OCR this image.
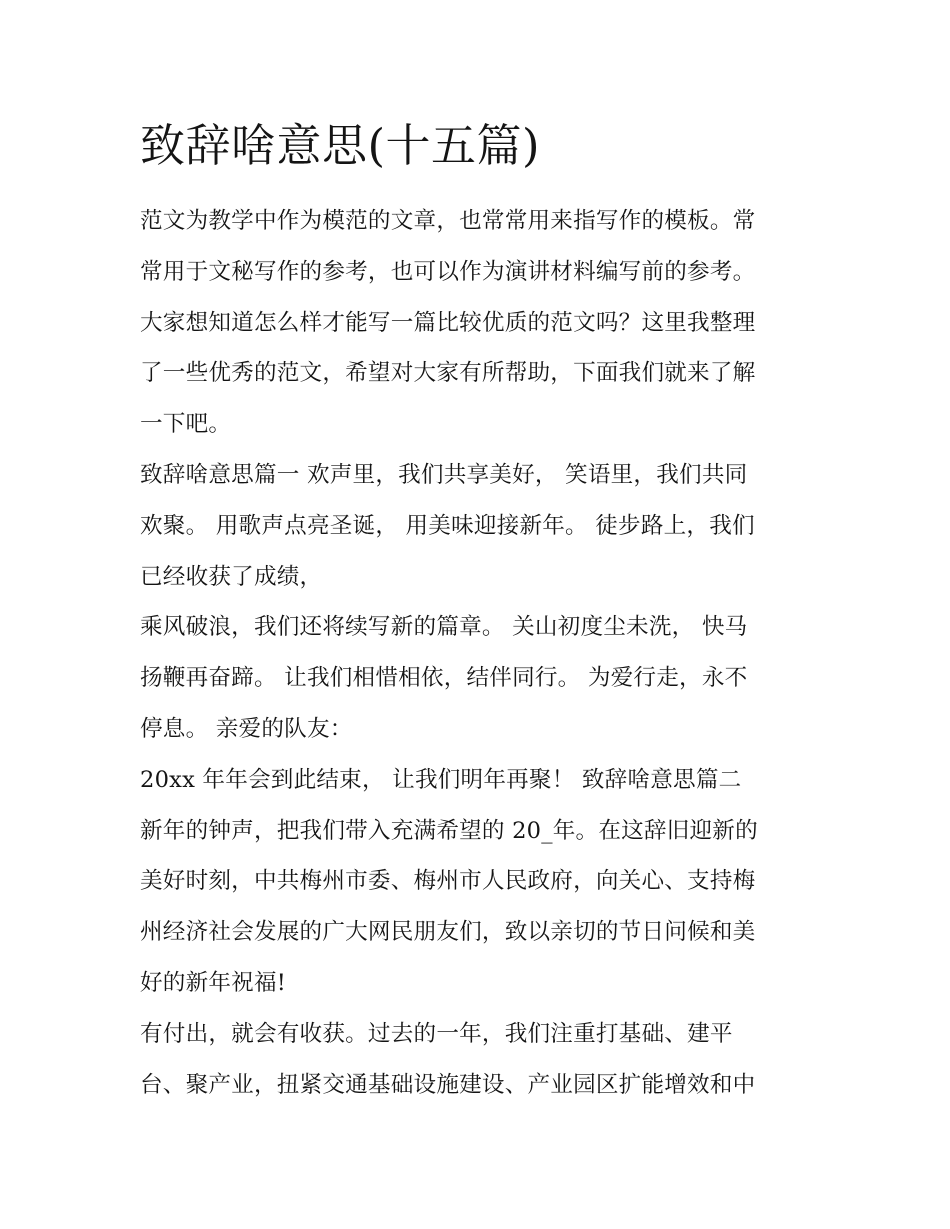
致辞啥意思(十五篇)
范文为教学中作为模范的文章，也常常用来指写作的模板。常
常用于文秘写作的参考，也可以作为演讲材料编写前的参考。
大家想知道怎么样才能写一篇比较优质的范文吗？这里我整理
了一些优秀的范文，希望对大家有所帮助，下面我们就来了解
一下吧。
致辞啥意思篇一 欢声里，我们共享美好， 笑语里，我们共同
欢聚。 用歌声点亮圣诞， 用美味迎接新年。 徒步路上，我们
已经收获了成绩，
乘风破浪，我们还将续写新的篇章。 关山初度尘未洗， 快马
扬鞭再奋蹄。 让我们相惜相依，结伴同行。 为爱行走，永不
停息。 亲爱的队友：
20xx 年年会到此结束， 让我们明年再聚！ 致辞啥意思篇二
新年的钟声，把我们带入充满希望的 20_年。在这辞旧迎新的
美好时刻，中共梅州市委、梅州市人民政府，向关心、支持梅
州经济社会发展的广大网民朋友们，致以亲切的节日问候和美
好的新年祝福!
有付出，就会有收获。过去的一年，我们注重打基础、建平
台、聚产业，扭紧交通基础设施建设、产业园区扩能增效和中
